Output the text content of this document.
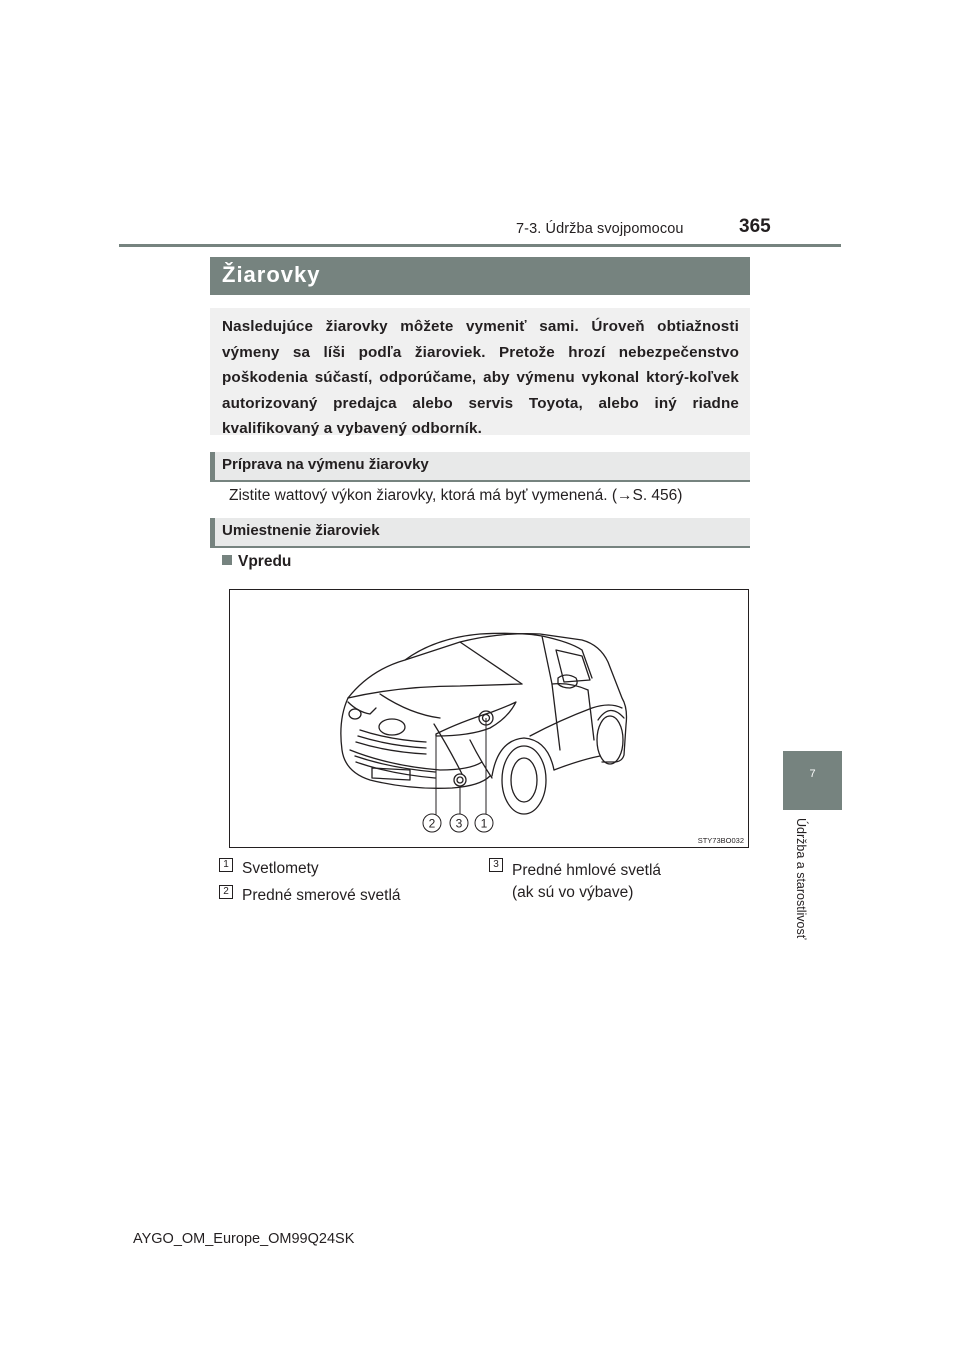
7-3. Údržba svojpomocou	365
7
Údržba a starostlivosť
Žiarovky
Nasledujúce žiarovky môžete vymeniť sami. Úroveň obtiažnosti výmeny sa líši podľa žiaroviek. Pretože hrozí nebezpečenstvo poškodenia súčastí, odporúčame, aby výmenu vykonal ktorý-koľvek autorizovaný predajca alebo servis Toyota, alebo iný riadne kvalifikovaný a vybavený odborník.
Príprava na výmenu žiarovky
Zistite wattový výkon žiarovky, ktorá má byť vymenená. (→S. 456)
Umiestnenie žiaroviek
Vpredu
2 3 1
STY73BO032
1 Svetlomety
2 Predné smerové svetlá
3 Predné hmlové svetlá
(ak sú vo výbave)
AYGO_OM_Europe_OM99Q24SK
